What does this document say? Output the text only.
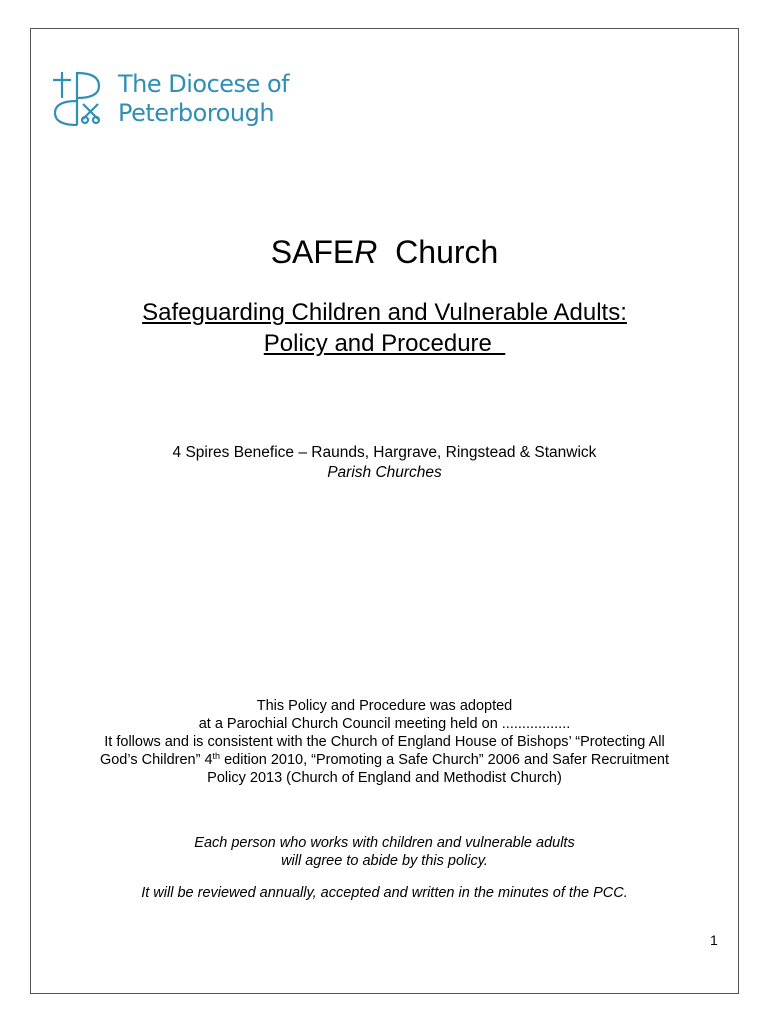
The Diocese of
Peterborough
SAFER  Church
Safeguarding Children and Vulnerable Adults:
Policy and Procedure
4 Spires Benefice – Raunds, Hargrave, Ringstead & Stanwick
Parish Churches
This Policy and Procedure was adopted
at a Parochial Church Council meeting held on .................
It follows and is consistent with the Church of England House of Bishops’ “Protecting All
God’s Children” 4th edition 2010, “Promoting a Safe Church” 2006 and Safer Recruitment
Policy 2013 (Church of England and Methodist Church)
Each person who works with children and vulnerable adults
will agree to abide by this policy.
It will be reviewed annually, accepted and written in the minutes of the PCC.
1
